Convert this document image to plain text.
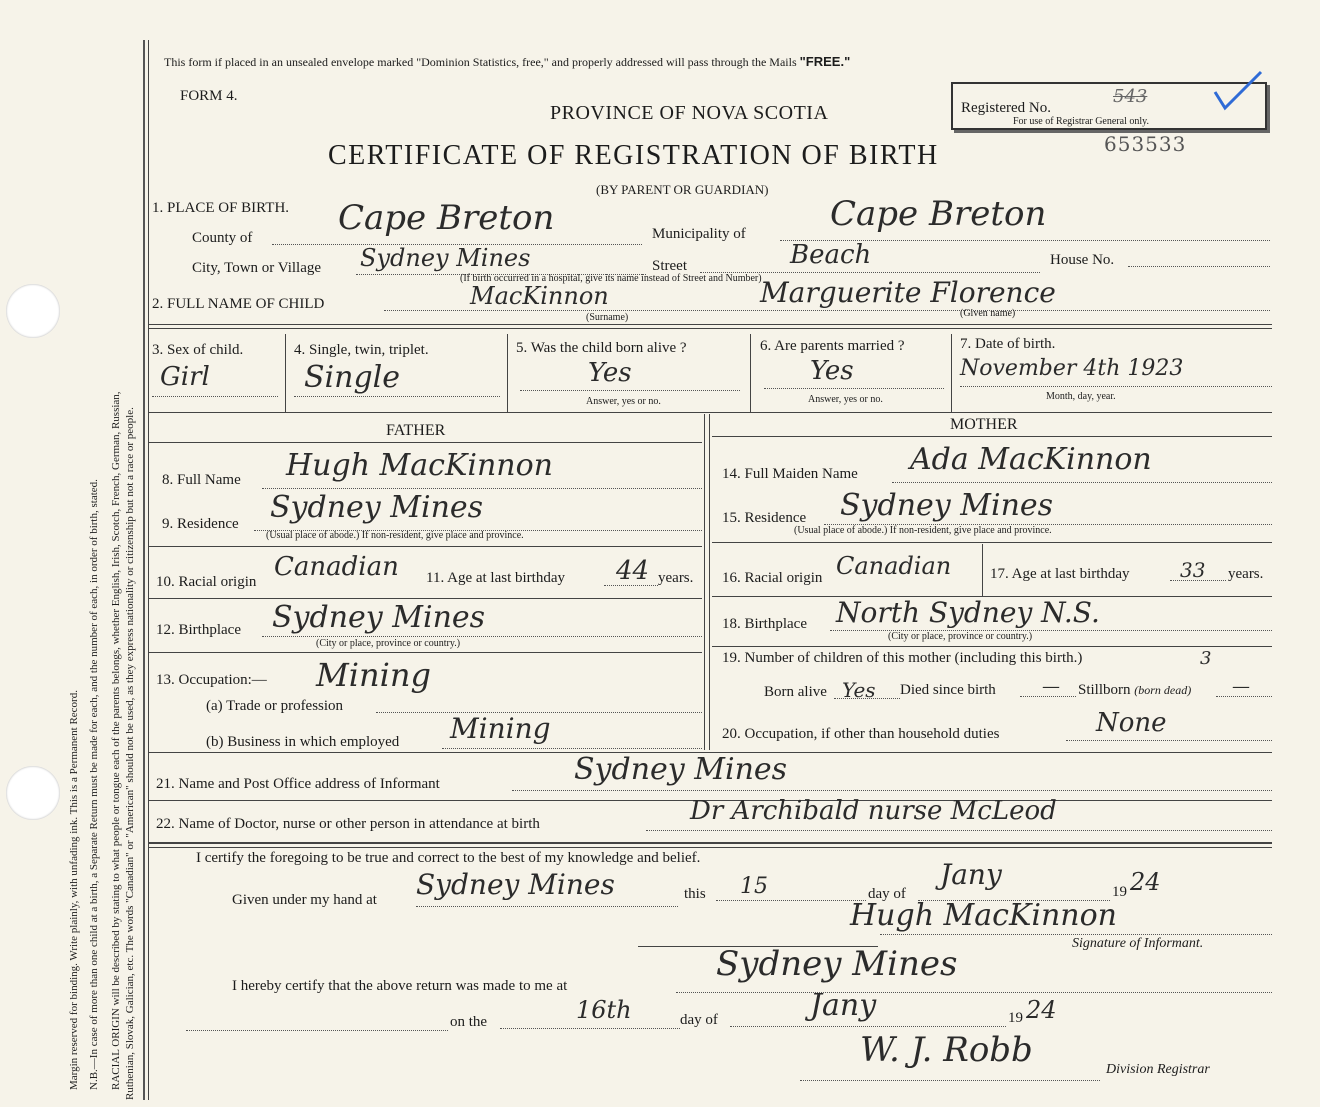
Margin reserved for binding. Write plainly, with unfading ink. This is a Permanent Record. N.B.—In case of more than one child at a birth, a Separate Return must be made for each, and the number of each, in order of birth, stated. RACIAL ORIGIN will be described by stating to what people or tongue each of the parents belongs, whether English, Irish, Scotch, French, German, Russian, Ruthenian, Slovak, Galician, etc. The words "Canadian" or "American" should not be used, as they express nationality or citizenship but not a race or people.
This form if placed in an unsealed envelope marked "Dominion Statistics, free," and properly addressed will pass through the Mails "FREE."
FORM 4.
PROVINCE OF NOVA SCOTIA
CERTIFICATE OF REGISTRATION OF BIRTH
(BY PARENT OR GUARDIAN)
Registered No.
543
For use of Registrar General only.
653533
1. PLACE OF BIRTH.
County of	Cape Breton	Municipality of Cape Breton
City, Town or Village Sydney Mines	Street	Beach	House No.
(If birth occurred in a hospital, give its name instead of Street and Number)
2. FULL NAME OF CHILD	MacKinnon	Marguerite Florence
(Surname)	(Given name)
3. Sex of child.
Girl
4. Single, twin, triplet.
Single
5. Was the child born alive ?
Yes
Answer, yes or no.
6. Are parents married ?
Yes
Answer, yes or no.
7. Date of birth.
November 4th 1923
Month, day, year.
FATHER	MOTHER
8. Full Name Hugh MacKinnon
9. Residence Sydney Mines
(Usual place of abode.) If non-resident, give place and province.
10. Racial origin Canadian 11. Age at last birthday 44 years.
12. Birthplace Sydney Mines
(City or place, province or country.)
13. Occupation:— Mining
(a) Trade or profession
(b) Business in which employed Mining
14. Full Maiden Name Ada MacKinnon
15. Residence Sydney Mines
(Usual place of abode.) If non-resident, give place and province.
16. Racial origin Canadian	17. Age at last birthday	33 years.
18. Birthplace North Sydney N.S.
(City or place, province or country.)
19. Number of children of this mother (including this birth.)	3
Born alive Yes Died since birth	— Stillborn (born dead) —
20. Occupation, if other than household duties	None
21. Name and Post Office address of Informant	Sydney Mines
22. Name of Doctor, nurse or other person in attendance at birth	Dr Archibald nurse McLeod
I certify the foregoing to be true and correct to the best of my knowledge and belief.
Given under my hand at Sydney Mines	this 15	day of
Jany
19 24
Hugh MacKinnon
Signature of Informant.
I hereby certify that the above return was made to me at
Sydney Mines
on the	16th	day of	Jany	19 24
W. J. Robb	Division Registrar
